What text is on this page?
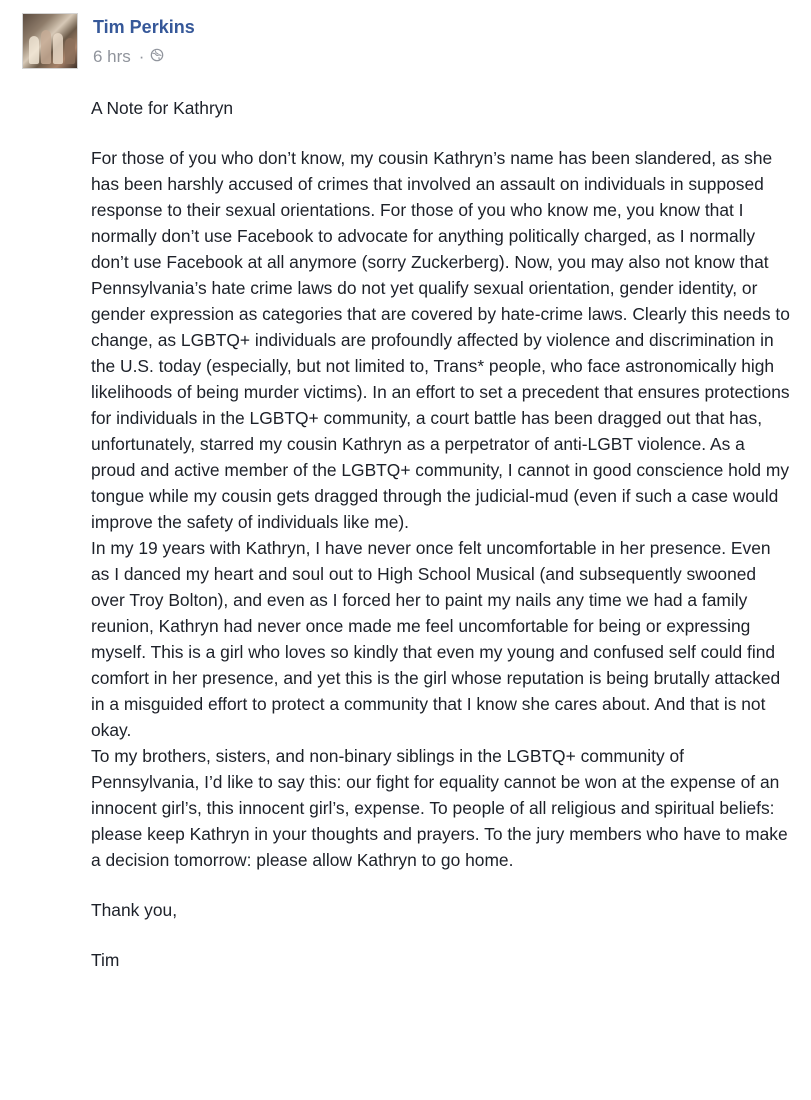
Tim Perkins
6 hrs ·

A Note for Kathryn

For those of you who don’t know, my cousin Kathryn’s name has been slandered, as she has been harshly accused of crimes that involved an assault on individuals in supposed response to their sexual orientations. For those of you who know me, you know that I normally don’t use Facebook to advocate for anything politically charged, as I normally don’t use Facebook at all anymore (sorry Zuckerberg). Now, you may also not know that Pennsylvania’s hate crime laws do not yet qualify sexual orientation, gender identity, or gender expression as categories that are covered by hate-crime laws. Clearly this needs to change, as LGBTQ+ individuals are profoundly affected by violence and discrimination in the U.S. today (especially, but not limited to, Trans* people, who face astronomically high likelihoods of being murder victims). In an effort to set a precedent that ensures protections for individuals in the LGBTQ+ community, a court battle has been dragged out that has, unfortunately, starred my cousin Kathryn as a perpetrator of anti-LGBT violence. As a proud and active member of the LGBTQ+ community, I cannot in good conscience hold my tongue while my cousin gets dragged through the judicial-mud (even if such a case would improve the safety of individuals like me).

In my 19 years with Kathryn, I have never once felt uncomfortable in her presence. Even as I danced my heart and soul out to High School Musical (and subsequently swooned over Troy Bolton), and even as I forced her to paint my nails any time we had a family reunion, Kathryn had never once made me feel uncomfortable for being or expressing myself. This is a girl who loves so kindly that even my young and confused self could find comfort in her presence, and yet this is the girl whose reputation is being brutally attacked in a misguided effort to protect a community that I know she cares about. And that is not okay.

To my brothers, sisters, and non-binary siblings in the LGBTQ+ community of Pennsylvania, I’d like to say this: our fight for equality cannot be won at the expense of an innocent girl’s, this innocent girl’s, expense. To people of all religious and spiritual beliefs: please keep Kathryn in your thoughts and prayers. To the jury members who have to make a decision tomorrow: please allow Kathryn to go home.

Thank you,

Tim
